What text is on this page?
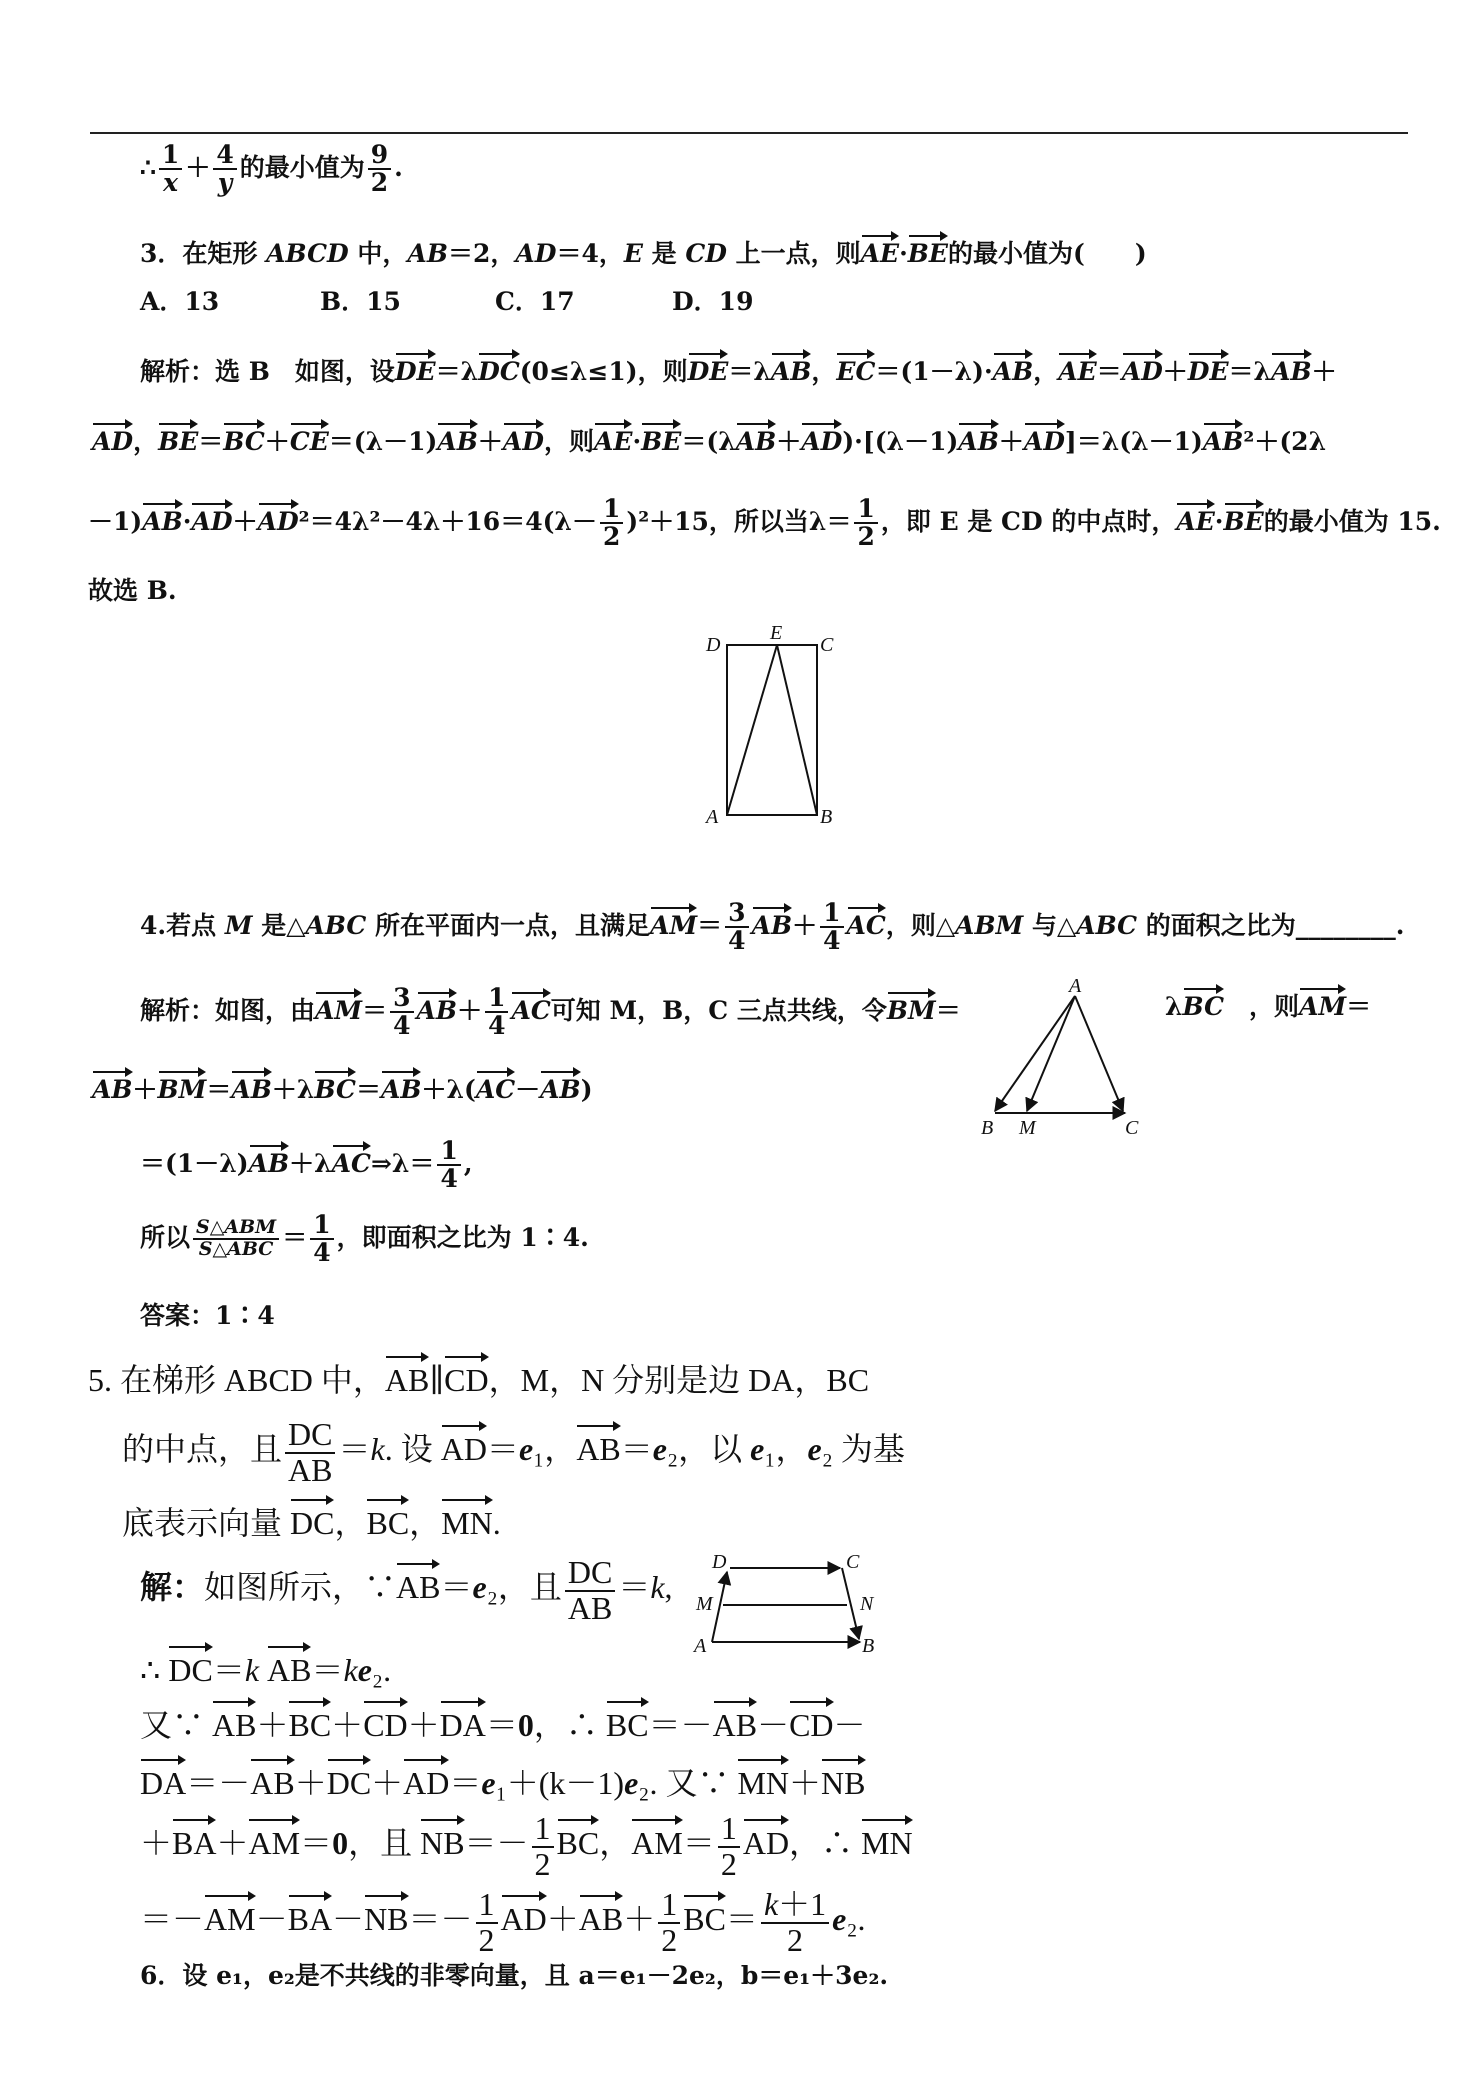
∴ $\frac{1}{x} + \frac{4}{y}$ 的最小值为 $\frac{9}{2}$ .
3．在矩形 ABCD 中，AB＝2，AD＝4，E 是 CD 上一点，则AE·BE的最小值为(　　)
A．13	B．15	C．17	D．19
解析：选 B　如图，设DE＝λDC(0≤λ≤1)，则DE＝λAB，EC＝(1－λ)·AB，AE＝AD＋DE＝λAB＋
AD，BE＝BC＋CE＝(λ－1)AB＋AD，则AE·BE＝(λAB＋AD)·[(λ－1)AB＋AD]＝λ(λ－1)AB²＋(2λ
$-1)AB\cdot AD+AD^2=4\lambda^2-4\lambda+16=4(\lambda- \frac{1}{2} )^2+15$，所以当$\lambda= \frac{1}{2}$ ，即 E 是 CD 的中点时，AE·BE的最小值为 15.
故选 B.
D
E
C
A	B
4.若点 M 是△ABC 所在平面内一点，且满足$AM= \frac{3}{4} AB+ \frac{1}{4}$ AC，则△ABM 与△ABC 的面积之比为________.
解析：如图，由$AM= \frac{3}{4} AB+ \frac{1}{4}$ AC可知 M，B，C 三点共线，令BM＝	λBC　 ，则AM＝
AB＋BM＝AB＋λBC＝AB＋λ(AC－AB)
＝(1－λ)AB＋λAC⇒λ＝ $\frac{1}{4}$ ,
所以 $\frac{\text{S△ABM}}{\text{S△ABC}} = \frac{1}{4}$ ，即面积之比为 1∶4.
答案：1∶4
A
B M	C
5. 在梯形 ABCD 中，AB∥CD，M，N 分别是边 DA，BC
的中点，且 $\frac{DC}{AB} =k$. 设 AD＝e₁，AB＝e₂，以 e₁，e₂ 为基
底表示向量 DC，BC，MN.
解：如图所示，∵AB＝e₂，且 $\frac{DC}{AB} =k$,
∴ DC＝k AB＝ke₂.
又∵ AB＋BC＋CD＋DA＝0，∴ BC＝－AB－CD－
DA＝－AB＋DC＋AD＝e₁＋(k－1)e₂. 又∵ MN＋NB
＋BA＋AM＝0，且 $NB=- \frac{1}{2}$ BC，$AM= \frac{1}{2}$ AD，∴ MN
$=-AM-BA-NB=- \frac{1}{2} AD+AB+ \frac{1}{2} BC= \frac{k+1}{2} e_2$.
D	C
M	N
A	B
6．设 e₁，e₂是不共线的非零向量，且 a＝e₁－2e₂，b＝e₁＋3e₂.
